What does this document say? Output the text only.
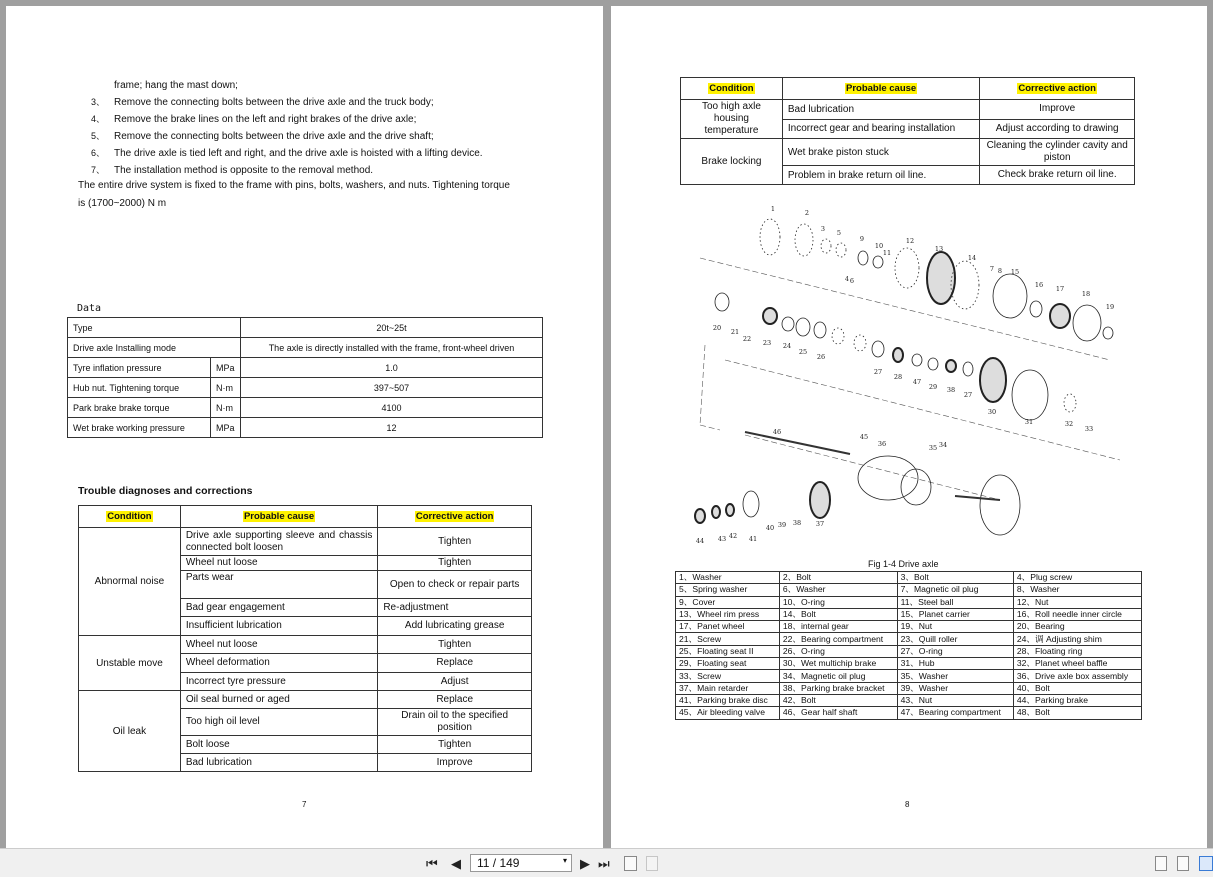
frame; hang the mast down;
3、 Remove the connecting bolts between the drive axle and the truck body;
4、 Remove the brake lines on the left and right brakes of the drive axle;
5、 Remove the connecting bolts between the drive axle and the drive shaft;
6、 The drive axle is tied left and right, and the drive axle is hoisted with a lifting device.
7、 The installation method is opposite to the removal method.
The entire drive system is fixed to the frame with pins, bolts, washers, and nuts. Tightening torque
is (1700~2000) N m
Data
Type		20t~25t
Drive axle Installing mode		The axle is directly installed with the frame, front-wheel driven
Tyre inflation pressure	MPa	1.0
Hub nut. Tightening torque	N·m	397~507
Park brake brake torque	N·m	4100
Wet brake working pressure	MPa	12
Trouble diagnoses and corrections
Condition	Probable cause	Corrective action
Abnormal noise	Drive axle supporting sleeve and chassis connected bolt loosen	Tighten
	Wheel nut loose	Tighten
	Parts wear	Open to check or repair parts
	Bad gear engagement	Re-adjustment
	Insufficient lubrication	Add lubricating grease
Unstable move	Wheel nut loose	Tighten
	Wheel deformation	Replace
	Incorrect tyre pressure	Adjust
Oil leak	Oil seal burned or aged	Replace
	Too high oil level	Drain oil to the specified position
	Bolt loose	Tighten
	Bad lubrication	Improve
7
Condition	Probable cause	Corrective action
Too high axle housing temperature	Bad lubrication	Improve
	Incorrect gear and bearing installation	Adjust according to drawing
Brake locking	Wet brake piston stuck	Cleaning the cylinder cavity and piston
	Problem in brake return oil line.	Check brake return oil line.
1	2
3 5
9
10
11
12
13
14
7 8 15
4 6	16 17
18
19
20 21
22 23 24
25
26
27
28
47
29 38
27
30
31	32
33
46
45
36	35 34
37
38
39
40
41
42
43
44
Fig 1-4 Drive axle
1、Washer	2、Bolt	3、Bolt	4、Plug screw
5、Spring washer	6、Washer	7、Magnetic oil plug	8、Washer
9、Cover	10、O-ring	11、Steel ball	12、Nut
13、Wheel rim press	14、Bolt	15、Planet carrier	16、Roll needle inner circle
17、Panet wheel	18、internal gear	19、Nut	20、Bearing
21、Screw	22、Bearing compartment	23、Quill roller	24、调 Adjusting shim
25、Floating seat II	26、O-ring	27、O-ring	28、Floating ring
29、Floating seat	30、Wet multichip brake	31、Hub	32、Planet wheel baffle
33、Screw	34、Magnetic oil plug	35、Washer	36、Drive axle box assembly
37、Main retarder	38、Parking brake bracket	39、Washer	40、Bolt
41、Parking brake disc	42、Bolt	43、Nut	44、Parking brake
45、Air bleeding valve	46、Gear half shaft	47、Bearing compartment	48、Bolt
8
⏮ ◀	11 / 149	▾ ▶ ⏭
